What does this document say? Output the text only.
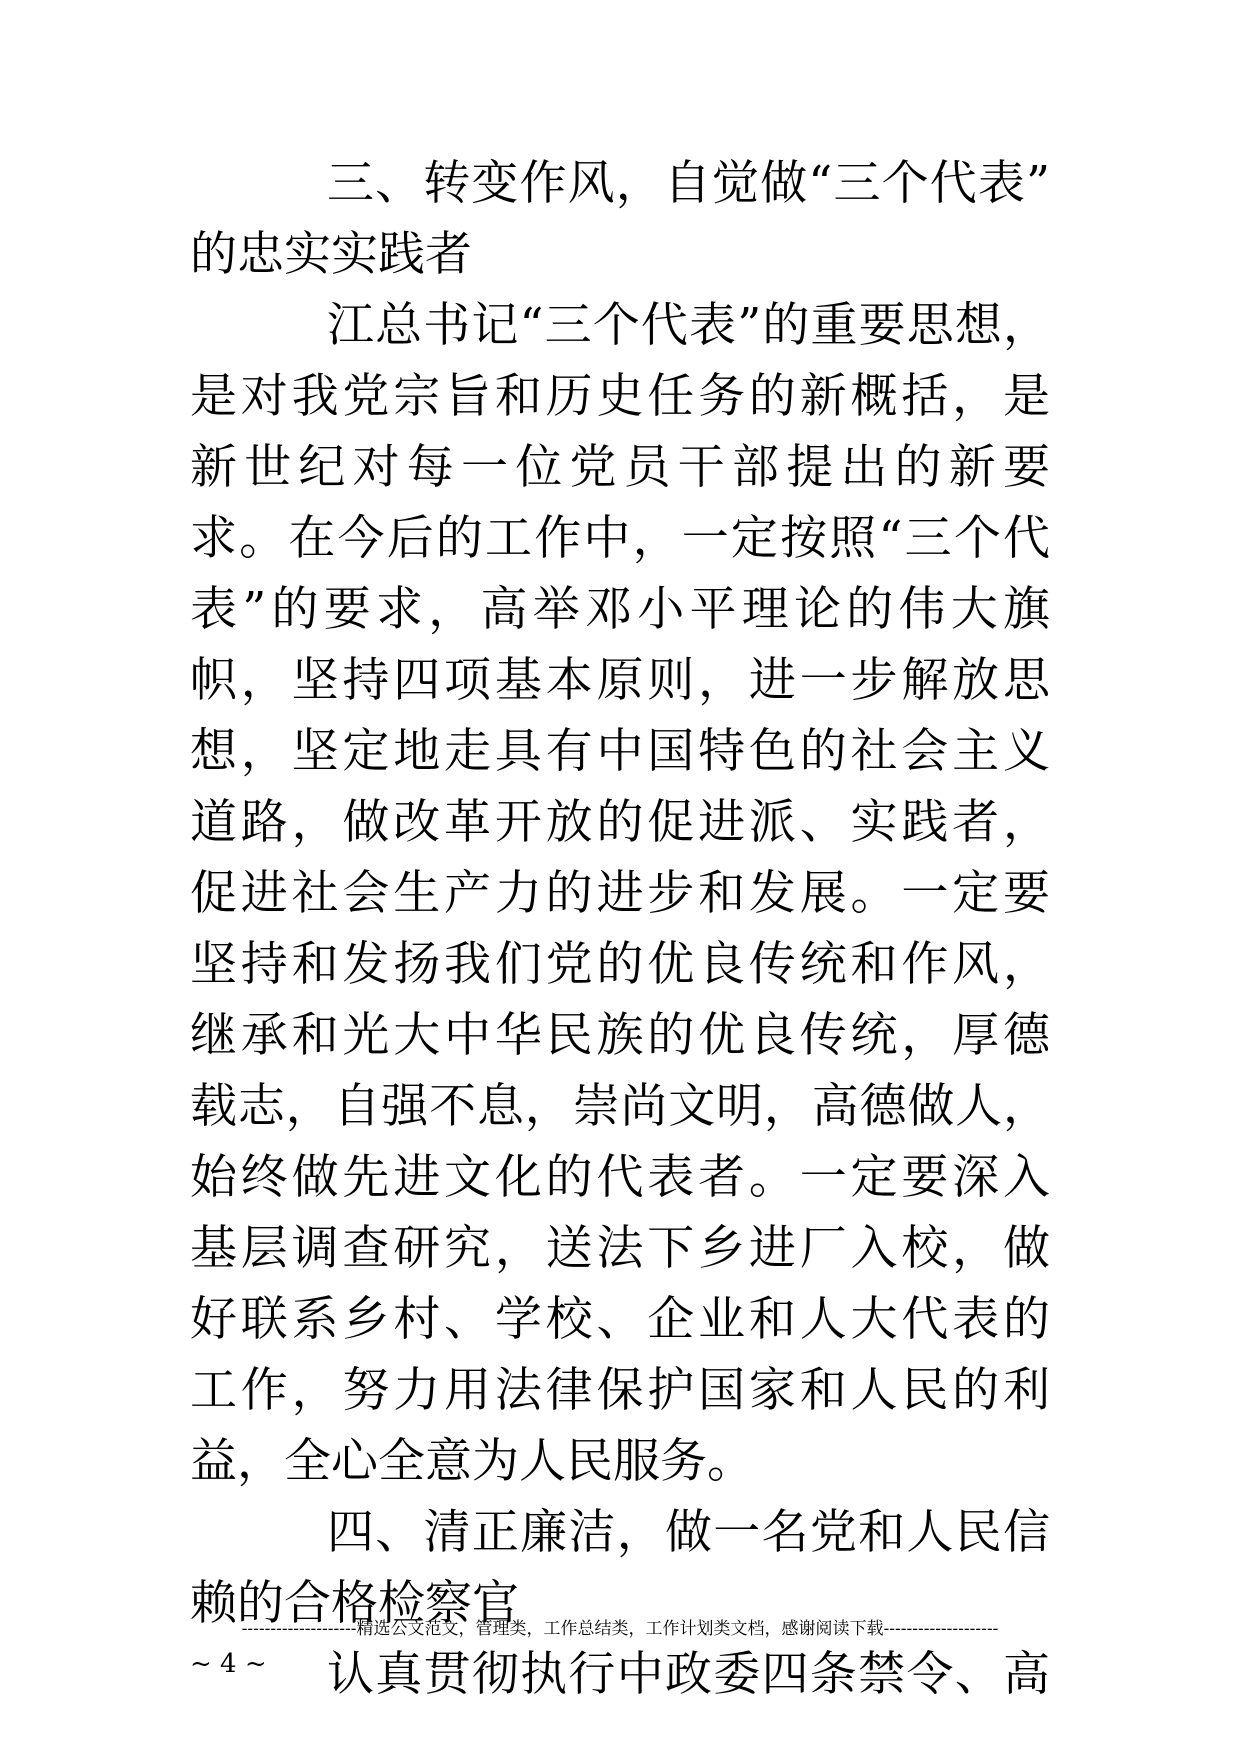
三、转变作风，自觉做“三个代表”
的忠实实践者
江总书记“三个代表”的重要思想，
是对我党宗旨和历史任务的新概括，是
新世纪对每一位党员干部提出的新要
求。在今后的工作中，一定按照“三个代
表”的要求，高举邓小平理论的伟大旗
帜，坚持四项基本原则，进一步解放思
想，坚定地走具有中国特色的社会主义
道路，做改革开放的促进派、实践者，
促进社会生产力的进步和发展。一定要
坚持和发扬我们党的优良传统和作风，
继承和光大中华民族的优良传统，厚德
载志，自强不息，崇尚文明，高德做人，
始终做先进文化的代表者。一定要深入
基层调查研究，送法下乡进厂入校，做
好联系乡村、学校、企业和人大代表的
工作，努力用法律保护国家和人民的利
益，全心全意为人民服务。
四、清正廉洁，做一名党和人民信
赖的合格检察官
认真贯彻执行中政委四条禁令、高
--------------------精选公文范文，管理类，工作总结类，工作计划类文档，感谢阅读下载--------------------
~ 4 ~
